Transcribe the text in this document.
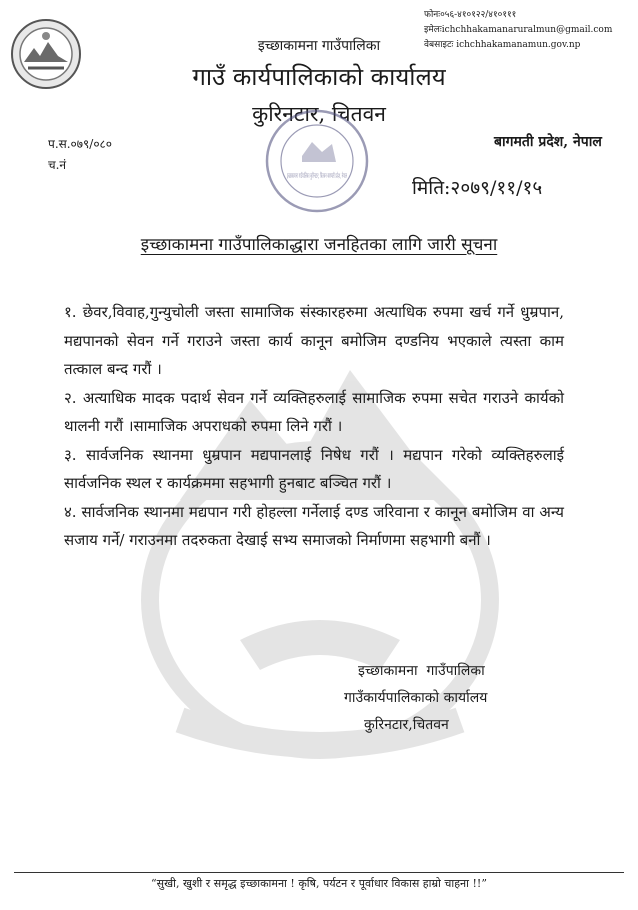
फोनः०५६-४१०१२२/४१०१११
इमेलःichchhakamanaruralmun@gmail.com
वेबसाइटः ichchhakamanamun.gov.np
इच्छाकामना गाउँपालिका
गाउँ कार्यपालिकाको कार्यालय
कुरिनटार, चितवन
इच्छाकामना गाउँपालिका कुरिनटार, चितवन बागमती प्रदेश, नेपाल
प.स.०७९/०८०
च.नं
बागमती प्रदेश, नेपाल
मिति:२०७९/११/१५
इच्छाकामना गाउँपालिकाद्धारा जनहितका लागि जारी सूचना

१. छेवर,विवाह,गुन्युचोली जस्ता सामाजिक संस्कारहरुमा अत्याधिक रुपमा खर्च गर्ने धुम्रपान, मद्यपानको सेवन गर्ने गराउने जस्ता कार्य कानून बमोजिम दण्डनिय भएकाले त्यस्ता काम तत्काल बन्द गरौं ।

२. अत्याधिक मादक पदार्थ सेवन गर्ने व्यक्तिहरुलाई सामाजिक रुपमा सचेत गराउने कार्यको थालनी गरौं ।सामाजिक अपराधको रुपमा लिने गरौं ।

३. सार्वजनिक स्थानमा धुम्रपान मद्यपानलाई निषेध गरौं । मद्यपान गरेको व्यक्तिहरुलाई सार्वजनिक स्थल र कार्यक्रममा सहभागी हुनबाट बञ्चित गरौं ।

४. सार्वजनिक स्थानमा मद्यपान गरी होहल्ला गर्नेलाई दण्ड जरिवाना र कानून बमोजिम वा अन्य सजाय गर्ने/ गराउनमा तदरुकता देखाई सभ्य समाजको निर्माणमा सहभागी बनौं ।

इच्छाकामना  गाउँपालिका
गाउँकार्यपालिकाको कार्यालय
कुरिनटार,चितवन
“सुखी, खुशी र समृद्ध इच्छाकामना ! कृषि, पर्यटन र पूर्वाधार विकास हाम्रो चाहना !!”
